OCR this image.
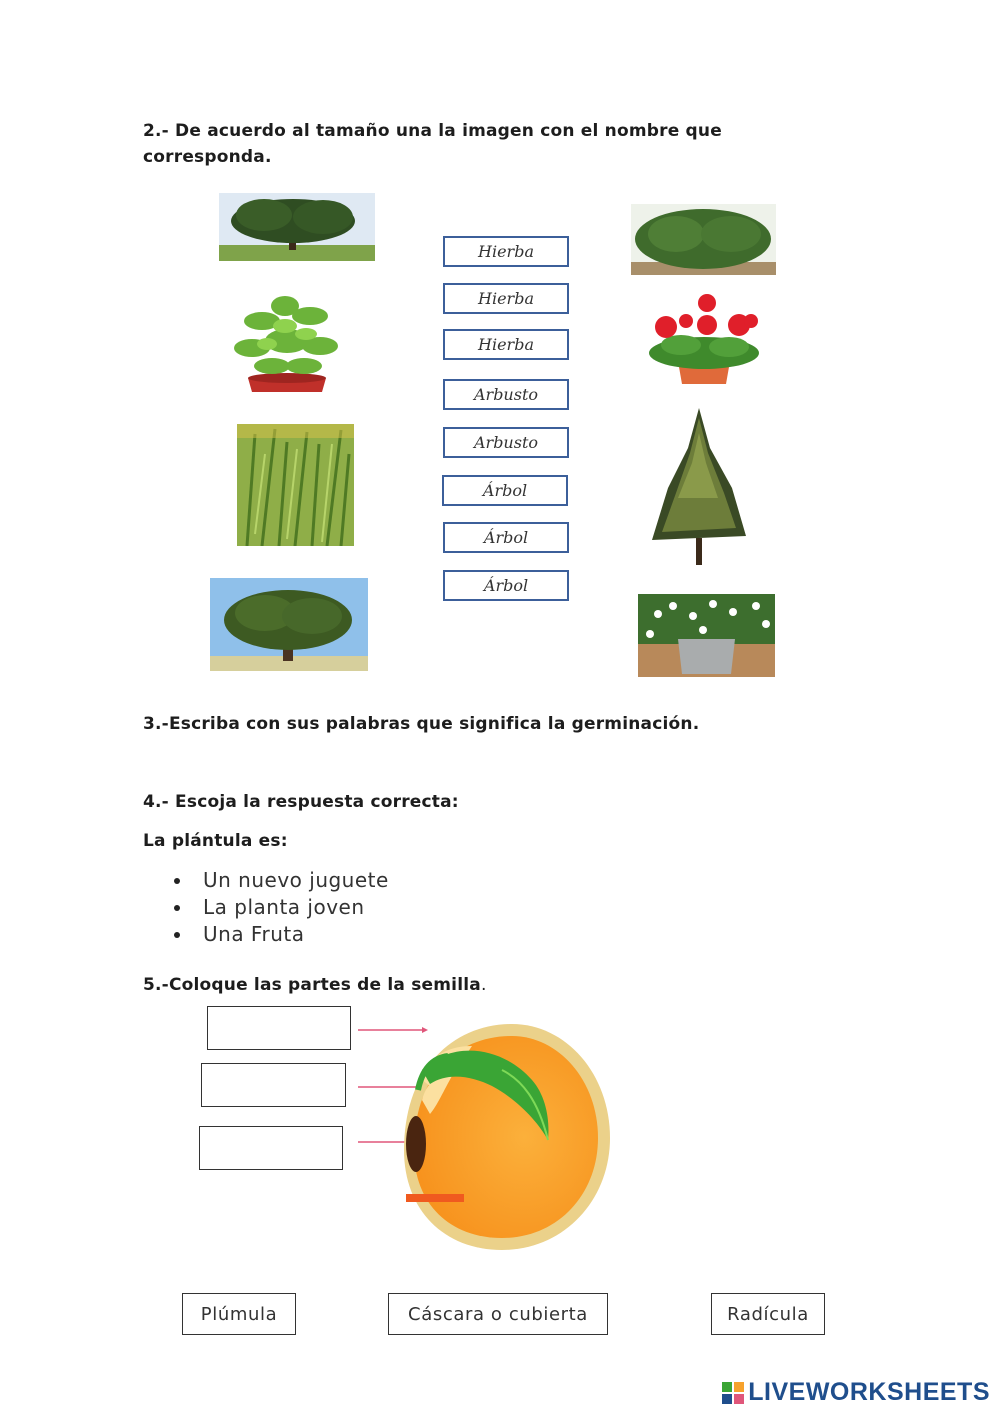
2.- De acuerdo al tamaño una la imagen con el nombre que
corresponda.
Hierba
Hierba
Hierba
Arbusto
Arbusto
Árbol
Árbol
Árbol
3.-Escriba con sus palabras que significa la germinación.
4.- Escoja la respuesta correcta:
La plántula es:
Un nuevo juguete
La planta joven
Una Fruta
5.-Coloque las partes de la semilla.
Plúmula	Cáscara o cubierta	Radícula
LIVEWORKSHEETS
